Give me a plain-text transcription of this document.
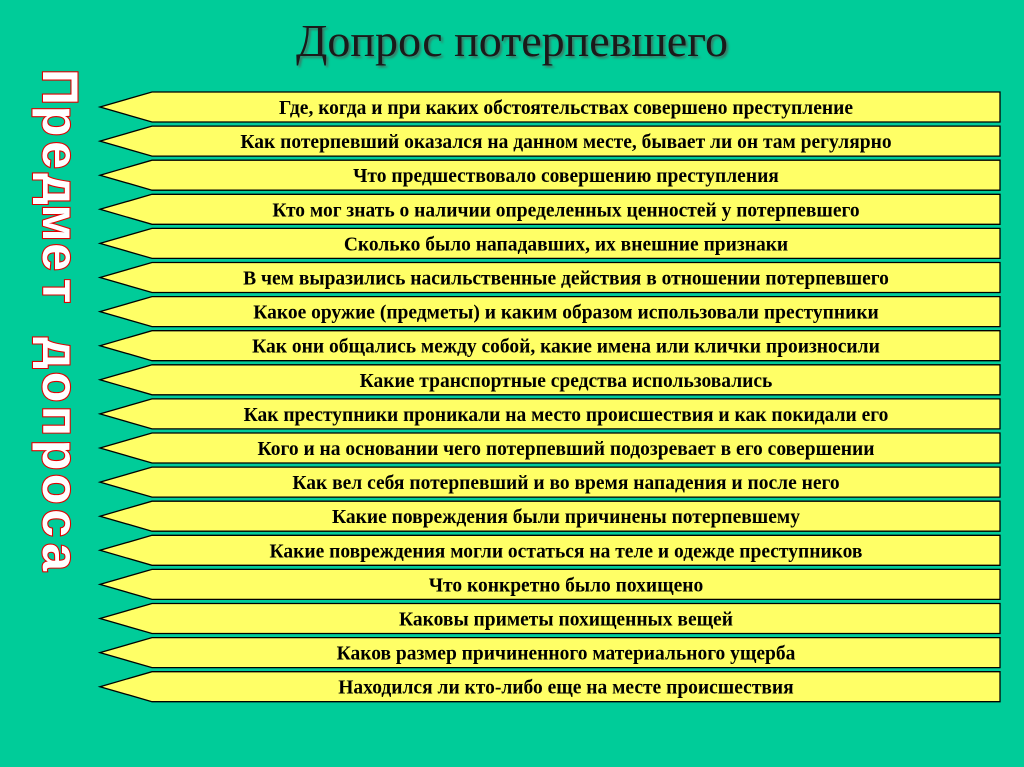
Допрос потерпевшего
Где, когда и при каких обстоятельствах совершено преступление
Как потерпевший оказался на данном месте, бывает ли он там регулярно
Что предшествовало совершению преступления
Кто мог знать о наличии определенных ценностей у потерпевшего
Сколько было нападавших, их внешние признаки
В чем выразились насильственные действия в отношении потерпевшего
Какое оружие (предметы) и каким образом использовали преступники
Как они общались между собой, какие имена или клички произносили
Какие транспортные средства использовались
Как преступники проникали на место происшествия и как покидали его
Кого и на основании чего потерпевший подозревает в его совершении
Как вел себя потерпевший и во время нападения и после него
Какие повреждения были причинены потерпевшему
Какие повреждения могли остаться на теле и одежде преступников
Что конкретно было похищено
Каковы приметы похищенных вещей
Каков размер причиненного материального ущерба
Находился ли кто-либо еще на месте происшествия
П
р
е
д
м
е
т
д
о
п
р
о
с
а
